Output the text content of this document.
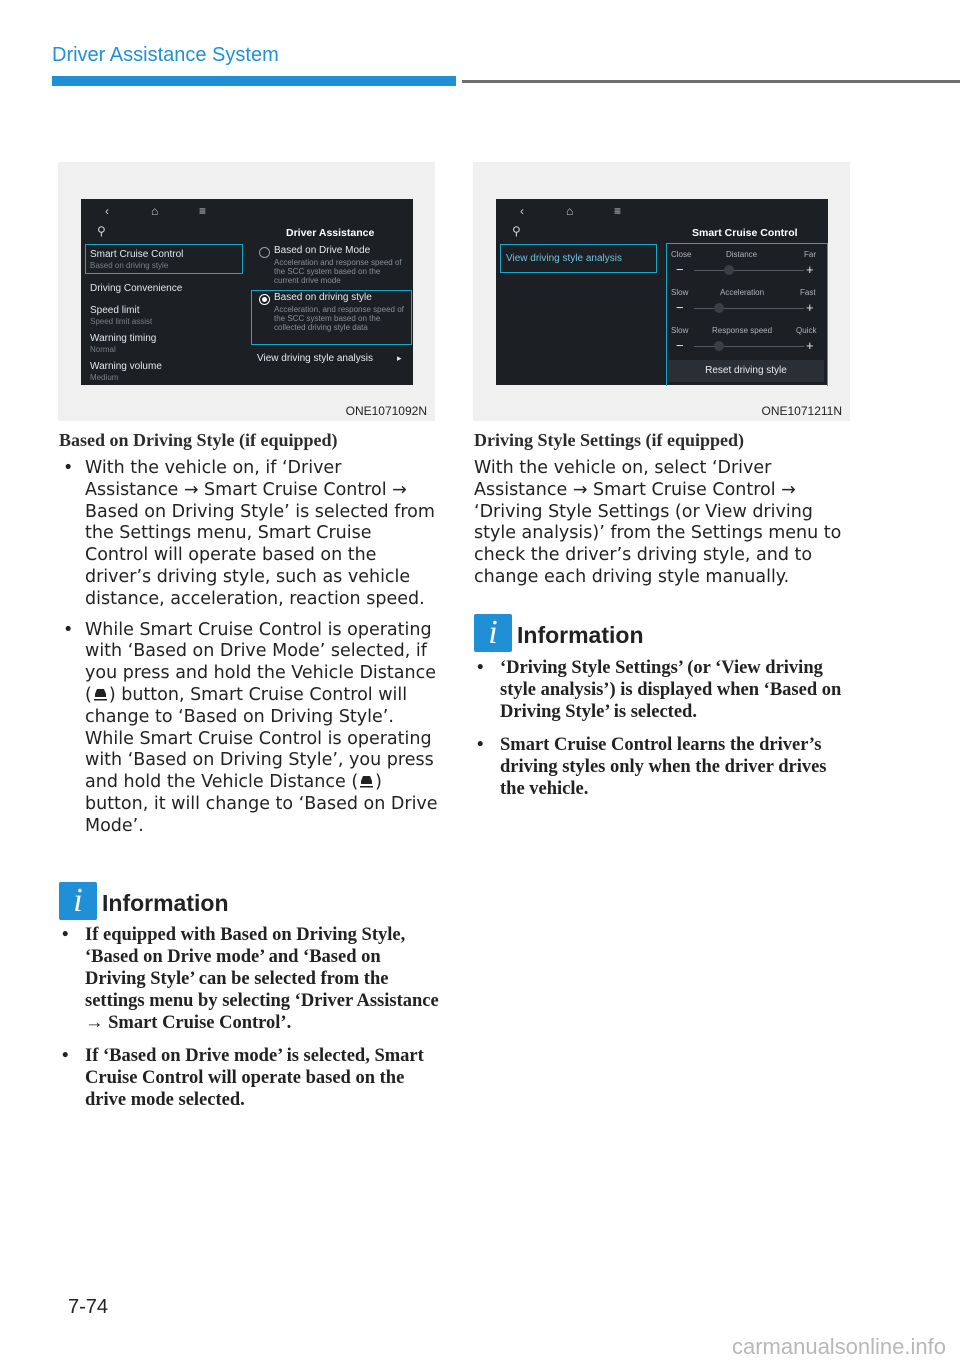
Driver Assistance System
‹	⌂	≡
⚲	Driver Assistance
Smart Cruise Control
Based on driving style
Driving Convenience
Speed limit
Speed limit assist
Warning timing
Normal
Warning volume
Medium
Based on Drive Mode
Acceleration and response speed of the SCC system based on the current drive mode
Based on driving style
Acceleration, and response speed of the SCC system based on the collected driving style data
View driving style analysis	▸
ONE1071092N
‹	⌂	≡
⚲	Smart Cruise Control
View driving style analysis	Close	Distance	Far
−	+
Slow	Acceleration	Fast
−	+
Slow	Response speed	Quick
−	+
Reset driving style
ONE1071211N
Based on Driving Style (if equipped)
• With the vehicle on, if ‘Driver Assistance → Smart Cruise Control → Based on Driving Style’ is selected from the Settings menu, Smart Cruise Control will operate based on the driver’s driving style, such as vehicle distance, acceleration, reaction speed.
• While Smart Cruise Control is operating with ‘Based on Drive Mode’ selected, if you press and hold the Vehicle Distance ( ) button, Smart Cruise Control will change to ‘Based on Driving Style’. While Smart Cruise Control is operating with ‘Based on Driving Style’, you press and hold the Vehicle Distance ( ) button, it will change to ‘Based on Drive Mode’.
i Information
• If equipped with Based on Driving Style, ‘Based on Drive mode’ and ‘Based on Driving Style’ can be selected from the settings menu by selecting ‘Driver Assistance → Smart Cruise Control’.
• If ‘Based on Drive mode’ is selected, Smart Cruise Control will operate based on the drive mode selected.
Driving Style Settings (if equipped)
With the vehicle on, select ‘Driver Assistance → Smart Cruise Control → ‘Driving Style Settings (or View driving style analysis)’ from the Settings menu to check the driver’s driving style, and to change each driving style manually.
i Information
• ‘Driving Style Settings’ (or ‘View driving style analysis’) is displayed when ‘Based on Driving Style’ is selected.
• Smart Cruise Control learns the driver’s driving styles only when the driver drives the vehicle.
7-74
carmanualsonline.info
